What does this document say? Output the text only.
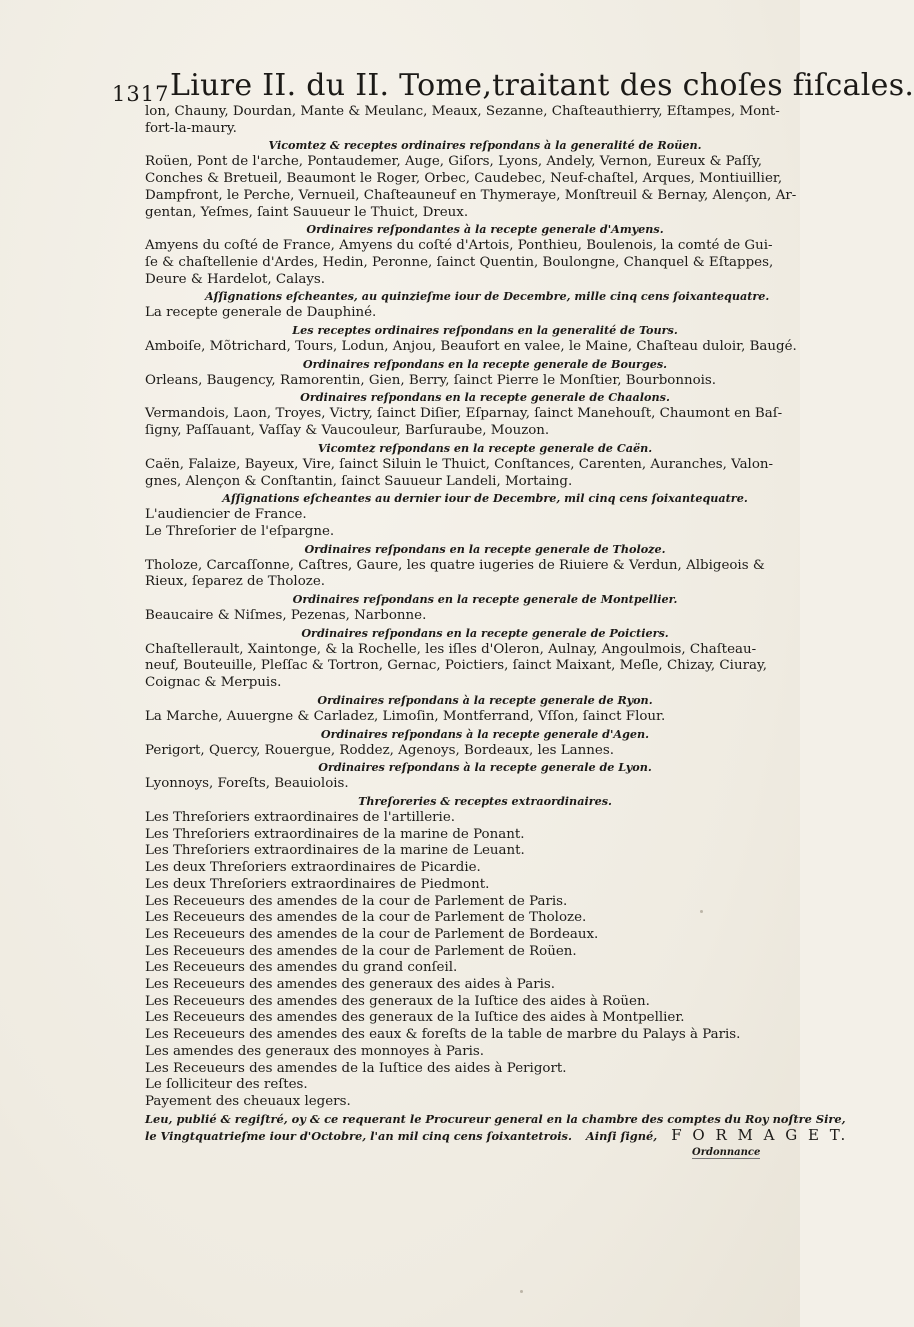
1317 Liure II. du II. Tome,traitant des choſes fiſcales.
lon, Chauny, Dourdan, Mante & Meulanc, Meaux, Sezanne, Chaſteauthierry, Eſtampes, Mont-
fort-la-maury.
Vicomtez & receptes ordinaires reſpondans à la generalité de Roüen.
Roüen, Pont de l'arche, Pontaudemer, Auge, Giſors, Lyons, Andely, Vernon, Eureux & Paſſy,
Conches & Bretueil, Beaumont le Roger, Orbec, Caudebec, Neuf-chaſtel, Arques, Montiuillier,
Dampfront, le Perche, Vernueil, Chaſteauneuf en Thymeraye, Monſtreuil & Bernay, Alençon, Ar-
gentan, Yeſmes, ſaint Sauueur le Thuict, Dreux.
Ordinaires reſpondantes à la recepte generale d'Amyens.
Amyens du coſté de France, Amyens du coſté d'Artois, Ponthieu, Boulenois, la comté de Gui-
ſe & chaſtellenie d'Ardes, Hedin, Peronne, ſainct Quentin, Boulongne, Chanquel & Eſtappes,
Deure & Hardelot, Calays.
Aſſignations eſcheantes, au quinzieſme iour de Decembre, mille cinq cens ſoixantequatre.
La recepte generale de Dauphiné.
Les receptes ordinaires reſpondans en la generalité de Tours.
Amboiſe, Mõtrichard, Tours, Lodun, Anjou, Beaufort en valee, le Maine, Chaſteau duloir, Baugé.
Ordinaires reſpondans en la recepte generale de Bourges.
Orleans, Baugency, Ramorentin, Gien, Berry, ſainct Pierre le Monſtier, Bourbonnois.
Ordinaires reſpondans en la recepte generale de Chaalons.
Vermandois, Laon, Troyes, Victry, ſainct Diſier, Eſparnay, ſainct Manehouſt, Chaumont en Baſ-
ſigny, Paſſauant, Vaſſay & Vaucouleur, Barſuraube, Mouzon.
Vicomtez reſpondans en la recepte generale de Caën.
Caën, Falaize, Bayeux, Vire, ſainct Siluin le Thuict, Conſtances, Carenten, Auranches, Valon-
gnes, Alençon & Conſtantin, ſainct Sauueur Landeli, Mortaing.
Aſſignations eſcheantes au dernier iour de Decembre, mil cinq cens ſoixantequatre.
L'audiencier de France.
Le Threſorier de l'eſpargne.
Ordinaires reſpondans en la recepte generale de Tholoze.
Tholoze, Carcaſſonne, Caſtres, Gaure, les quatre iugeries de Riuiere & Verdun, Albigeois &
Rieux, ſeparez de Tholoze.
Ordinaires reſpondans en la recepte generale de Montpellier.
Beaucaire & Niſmes, Pezenas, Narbonne.
Ordinaires reſpondans en la recepte generale de Poictiers.
Chaſtellerault, Xaintonge, & la Rochelle, les iſles d'Oleron, Aulnay, Angoulmois, Chaſteau-
neuf, Bouteuille, Pleſſac & Tortron, Gernac, Poictiers, ſainct Maixant, Meſle, Chizay, Ciuray,
Coignac & Merpuis.
Ordinaires reſpondans à la recepte generale de Ryon.
La Marche, Auuergne & Carladez, Limoſin, Montferrand, Vſſon, ſainct Flour.
Ordinaires reſpondans à la recepte generale d'Agen.
Perigort, Quercy, Rouergue, Roddez, Agenoys, Bordeaux, les Lannes.
Ordinaires reſpondans à la recepte generale de Lyon.
Lyonnoys, Foreſts, Beauiolois.
Threſoreries & receptes extraordinaires.
Les Threſoriers extraordinaires de l'artillerie.
Les Threſoriers extraordinaires de la marine de Ponant.
Les Threſoriers extraordinaires de la marine de Leuant.
Les deux Threſoriers extraordinaires de Picardie.
Les deux Threſoriers extraordinaires de Piedmont.
Les Receueurs des amendes de la cour de Parlement de Paris.
Les Receueurs des amendes de la cour de Parlement de Tholoze.
Les Receueurs des amendes de la cour de Parlement de Bordeaux.
Les Receueurs des amendes de la cour de Parlement de Roüen.
Les Receueurs des amendes du grand conſeil.
Les Receueurs des amendes des generaux des aides à Paris.
Les Receueurs des amendes des generaux de la Iuſtice des aides à Roüen.
Les Receueurs des amendes des generaux de la Iuſtice des aides à Montpellier.
Les Receueurs des amendes des eaux & foreſts de la table de marbre du Palays à Paris.
Les amendes des generaux des monnoyes à Paris.
Les Receueurs des amendes de la Iuſtice des aides à Perigort.
Le ſolliciteur des reſtes.
Payement des cheuaux legers.
Leu, publié & regiſtré, oy & ce requerant le Procureur general en la chambre des comptes du Roy noſtre Sire,
le Vingtquatrieſme iour d'Octobre, l'an mil cinq cens ſoixantetrois. Ainſi ſigné, F O R M A G E T.
Ordonnance
